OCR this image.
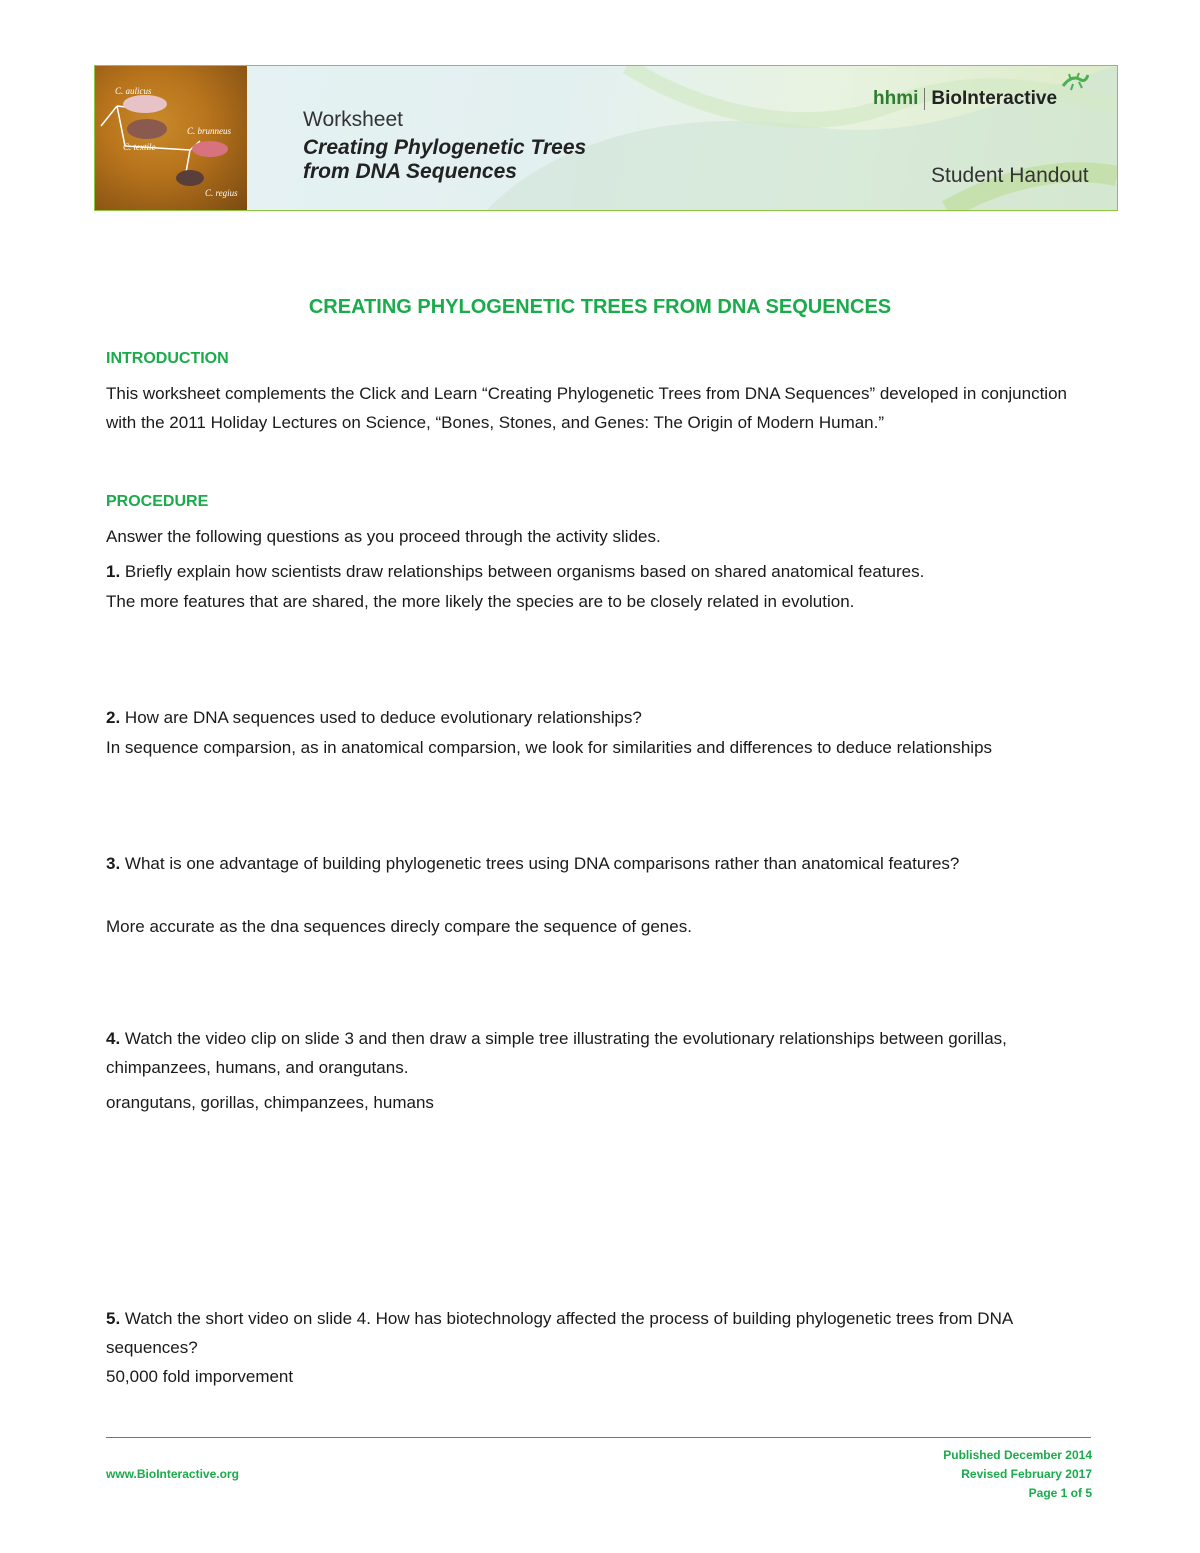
C. aulicus
C. brunneus
C. textile
C. regius
Worksheet
Creating Phylogenetic Trees
from DNA Sequences
hhmi BioInteractive
Student Handout
CREATING PHYLOGENETIC TREES FROM DNA SEQUENCES
INTRODUCTION
This worksheet complements the Click and Learn “Creating Phylogenetic Trees from DNA Sequences” developed in conjunction with the 2011 Holiday Lectures on Science, “Bones, Stones, and Genes: The Origin of Modern Human.”
PROCEDURE
Answer the following questions as you proceed through the activity slides.
1. Briefly explain how scientists draw relationships between organisms based on shared anatomical features.
The more features that are shared, the more likely the species are to be closely related in evolution.
2. How are DNA sequences used to deduce evolutionary relationships?
In sequence comparsion, as in anatomical comparsion, we look for similarities and differences to deduce relationships
3. What is one advantage of building phylogenetic trees using DNA comparisons rather than anatomical features?
More accurate as the dna sequences direcly compare the sequence of genes.
4. Watch the video clip on slide 3 and then draw a simple tree illustrating the evolutionary relationships between gorillas, chimpanzees, humans, and orangutans.
orangutans, gorillas, chimpanzees, humans
5. Watch the short video on slide 4. How has biotechnology affected the process of building phylogenetic trees from DNA sequences?
50,000 fold imporvement
www.BioInteractive.org
Published December 2014
Revised February 2017
Page 1 of 5
